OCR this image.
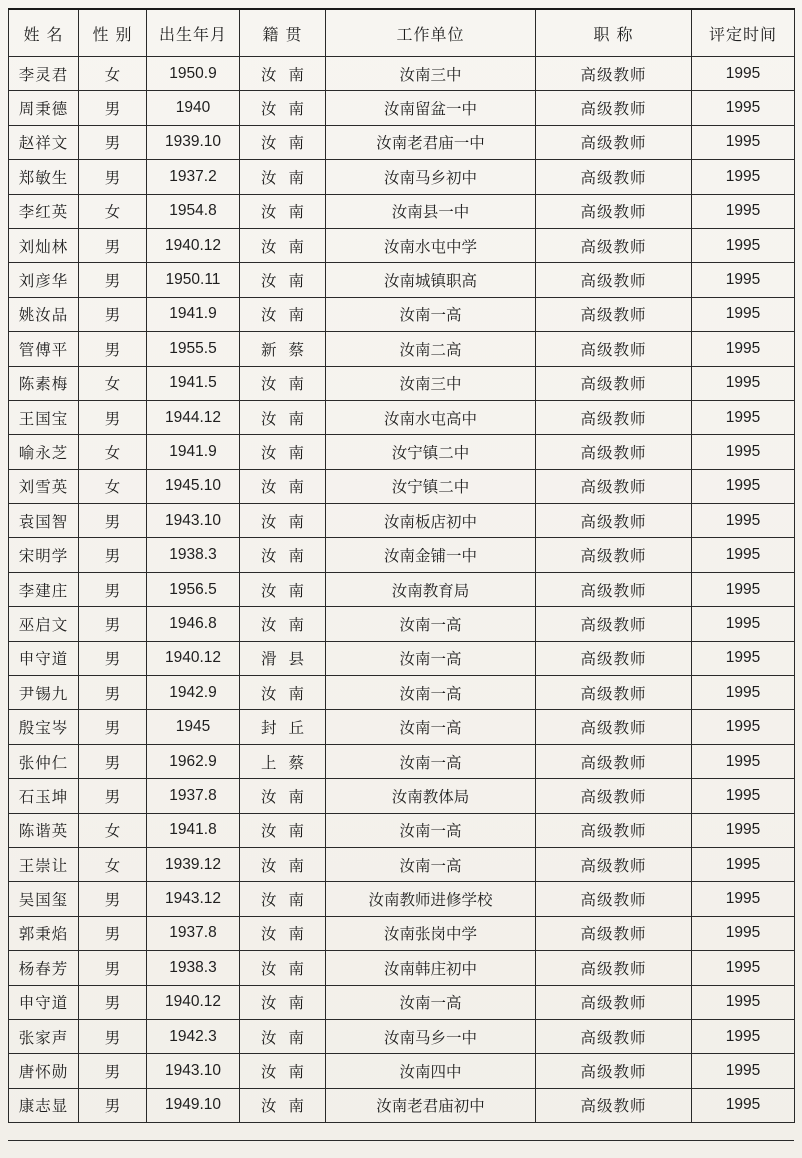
姓 名	性 别	出生年月	籍 贯	工作单位	职 称	评定时间
李灵君	女	1950.9	汝南	汝南三中	高级教师	1995
周秉德	男	1940	汝南	汝南留盆一中	高级教师	1995
赵祥文	男	1939.10	汝南	汝南老君庙一中	高级教师	1995
郑敏生	男	1937.2	汝南	汝南马乡初中	高级教师	1995
李红英	女	1954.8	汝南	汝南县一中	高级教师	1995
刘灿林	男	1940.12	汝南	汝南水屯中学	高级教师	1995
刘彦华	男	1950.11	汝南	汝南城镇职高	高级教师	1995
姚汝品	男	1941.9	汝南	汝南一高	高级教师	1995
管傅平	男	1955.5	新蔡	汝南二高	高级教师	1995
陈素梅	女	1941.5	汝南	汝南三中	高级教师	1995
王国宝	男	1944.12	汝南	汝南水屯高中	高级教师	1995
喻永芝	女	1941.9	汝南	汝宁镇二中	高级教师	1995
刘雪英	女	1945.10	汝南	汝宁镇二中	高级教师	1995
袁国智	男	1943.10	汝南	汝南板店初中	高级教师	1995
宋明学	男	1938.3	汝南	汝南金铺一中	高级教师	1995
李建庄	男	1956.5	汝南	汝南教育局	高级教师	1995
巫启文	男	1946.8	汝南	汝南一高	高级教师	1995
申守道	男	1940.12	滑县	汝南一高	高级教师	1995
尹锡九	男	1942.9	汝南	汝南一高	高级教师	1995
殷宝岑	男	1945	封丘	汝南一高	高级教师	1995
张仲仁	男	1962.9	上蔡	汝南一高	高级教师	1995
石玉坤	男	1937.8	汝南	汝南教体局	高级教师	1995
陈谐英	女	1941.8	汝南	汝南一高	高级教师	1995
王崇让	女	1939.12	汝南	汝南一高	高级教师	1995
吴国玺	男	1943.12	汝南	汝南教师进修学校	高级教师	1995
郭秉焰	男	1937.8	汝南	汝南张岗中学	高级教师	1995
杨春芳	男	1938.3	汝南	汝南韩庄初中	高级教师	1995
申守道	男	1940.12	汝南	汝南一高	高级教师	1995
张家声	男	1942.3	汝南	汝南马乡一中	高级教师	1995
唐怀勋	男	1943.10	汝南	汝南四中	高级教师	1995
康志显	男	1949.10	汝南	汝南老君庙初中	高级教师	1995
